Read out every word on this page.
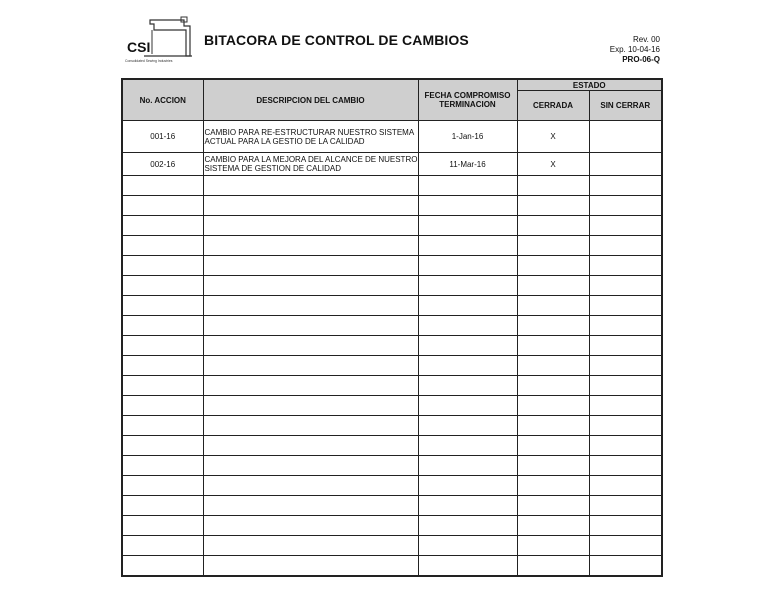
CSI
Consolidated Sewing Industries
BITACORA DE CONTROL DE CAMBIOS	Rev. 00
Exp. 10-04-16
PRO-06-Q
No. ACCION	DESCRIPCION DEL CAMBIO	FECHA COMPROMISO TERMINACION	ESTADO	
			CERRADA	SIN CERRAR
001-16	CAMBIO PARA RE-ESTRUCTURAR NUESTRO SISTEMA ACTUAL PARA LA GESTIO DE LA CALIDAD	1-Jan-16	X	
002-16	CAMBIO PARA LA MEJORA DEL ALCANCE DE NUESTRO SISTEMA DE GESTION DE CALIDAD	11-Mar-16	X	
